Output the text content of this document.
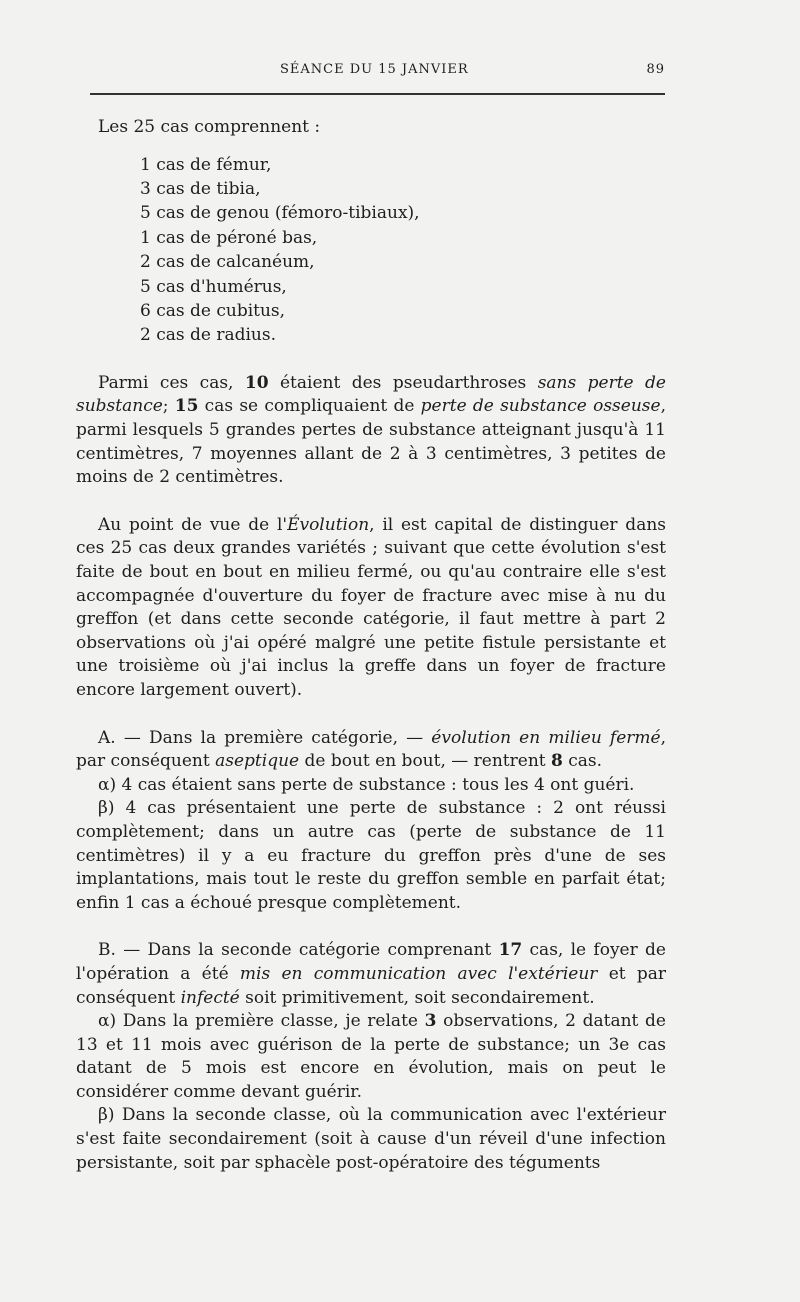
SÉANCE DU 15 JANVIER	89

Les 25 cas comprennent :

1 cas de fémur,
3 cas de tibia,
5 cas de genou (fémoro-tibiaux),
1 cas de péroné bas,
2 cas de calcanéum,
5 cas d'humérus,
6 cas de cubitus,
2 cas de radius.

Parmi ces cas, 10 étaient des pseudarthroses sans perte de substance; 15 cas se compliquaient de perte de substance osseuse, parmi lesquels 5 grandes pertes de substance atteignant jusqu'à 11 centimètres, 7 moyennes allant de 2 à 3 centimètres, 3 petites de moins de 2 centimètres.

Au point de vue de l'Évolution, il est capital de distinguer dans ces 25 cas deux grandes variétés ; suivant que cette évolution s'est faite de bout en bout en milieu fermé, ou qu'au contraire elle s'est accompagnée d'ouverture du foyer de fracture avec mise à nu du greffon (et dans cette seconde catégorie, il faut mettre à part 2 observations où j'ai opéré malgré une petite fistule persistante et une troisième où j'ai inclus la greffe dans un foyer de fracture encore largement ouvert).

A. — Dans la première catégorie, — évolution en milieu fermé, par conséquent aseptique de bout en bout, — rentrent 8 cas.

α) 4 cas étaient sans perte de substance : tous les 4 ont guéri.

β) 4 cas présentaient une perte de substance : 2 ont réussi complètement; dans un autre cas (perte de substance de 11 centimètres) il y a eu fracture du greffon près d'une de ses implantations, mais tout le reste du greffon semble en parfait état; enfin 1 cas a échoué presque complètement.

B. — Dans la seconde catégorie comprenant 17 cas, le foyer de l'opération a été mis en communication avec l'extérieur et par conséquent infecté soit primitivement, soit secondairement.

α) Dans la première classe, je relate 3 observations, 2 datant de 13 et 11 mois avec guérison de la perte de substance; un 3e cas datant de 5 mois est encore en évolution, mais on peut le considérer comme devant guérir.

β) Dans la seconde classe, où la communication avec l'extérieur s'est faite secondairement (soit à cause d'un réveil d'une infection persistante, soit par sphacèle post-opératoire des téguments
